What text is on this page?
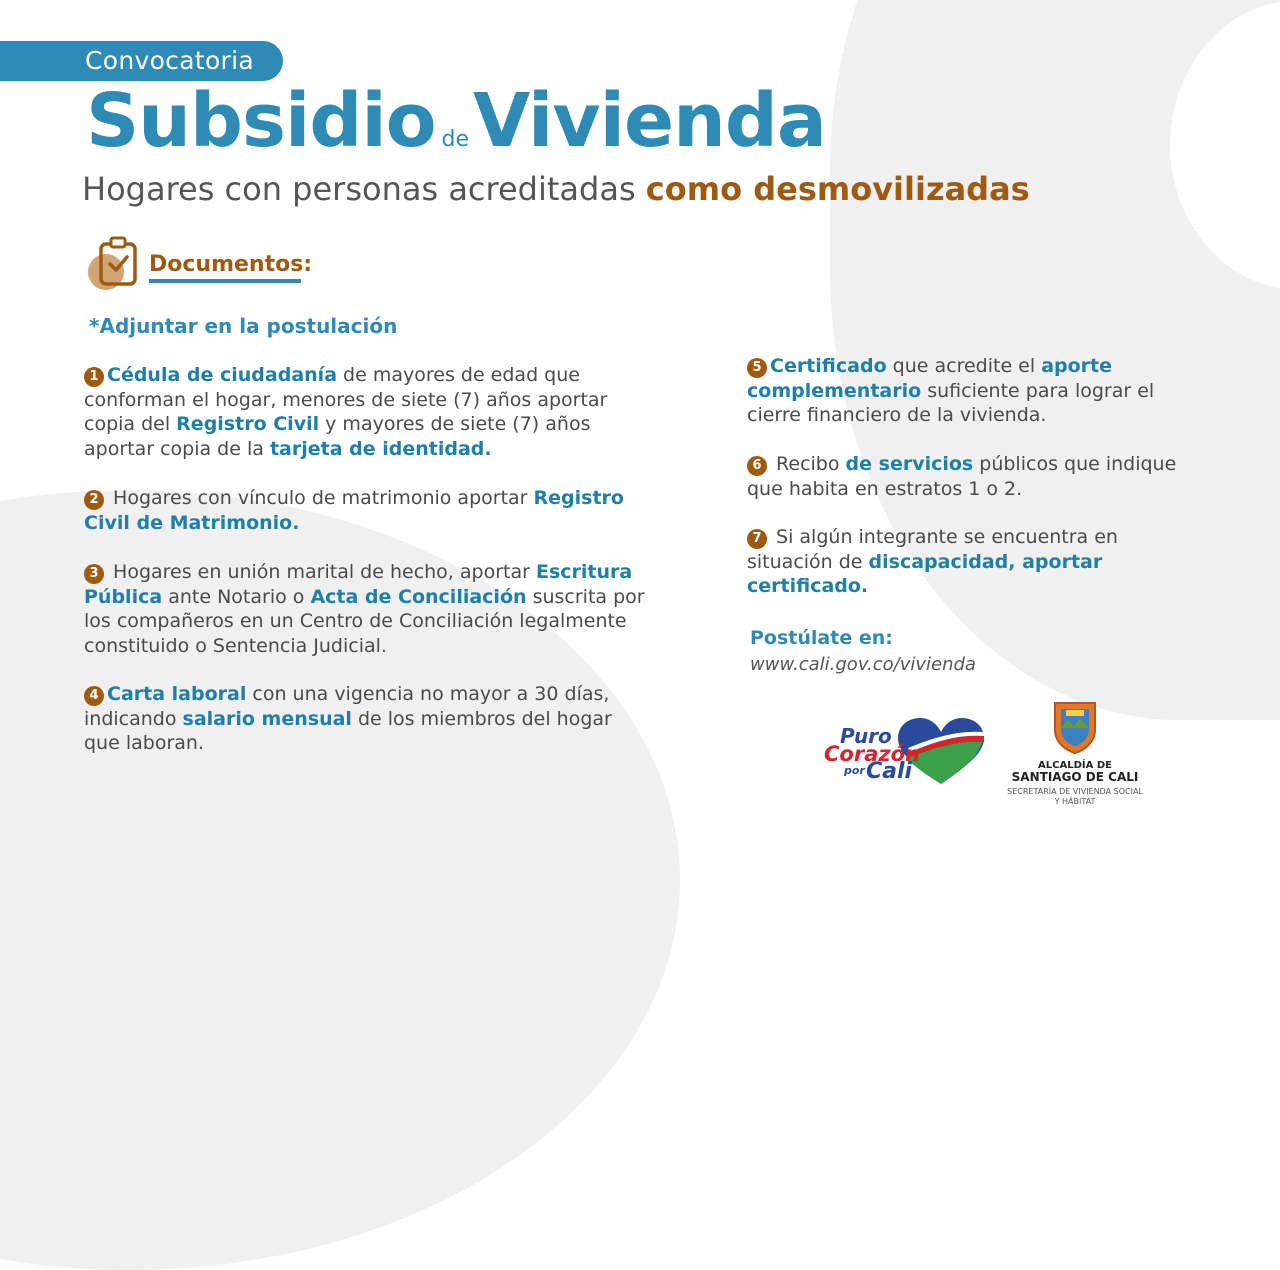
Convocatoria
Subsidio deVivienda
Hogares con personas acreditadas como desmovilizadas
Documentos:
*Adjuntar en la postulación
1 Cédula de ciudadanía de mayores de edad que conforman el hogar, menores de siete (7) años aportar copia del Registro Civil y mayores de siete (7) años aportar copia de la tarjeta de identidad.
2 Hogares con vínculo de matrimonio aportar Registro Civil de Matrimonio.
3 Hogares en unión marital de hecho, aportar Escritura Pública ante Notario o Acta de Conciliación suscrita por los compañeros en un Centro de Conciliación legalmente constituido o Sentencia Judicial.
4 Carta laboral con una vigencia no mayor a 30 días, indicando salario mensual de los miembros del hogar que laboran.
5 Certificado que acredite el aporte complementario suficiente para lograr el cierre financiero de la vivienda.
6 Recibo de servicios públicos que indique que habita en estratos 1 o 2.
7 Si algún integrante se encuentra en situación de discapacidad, aportar certificado.
Postúlate en:
www.cali.gov.co/vivienda
Puro
Corazón
por Cali	ALCALDÍA DE
SANTIAGO DE CALI
SECRETARÍA DE VIVIENDA SOCIAL
Y HÁBITAT
